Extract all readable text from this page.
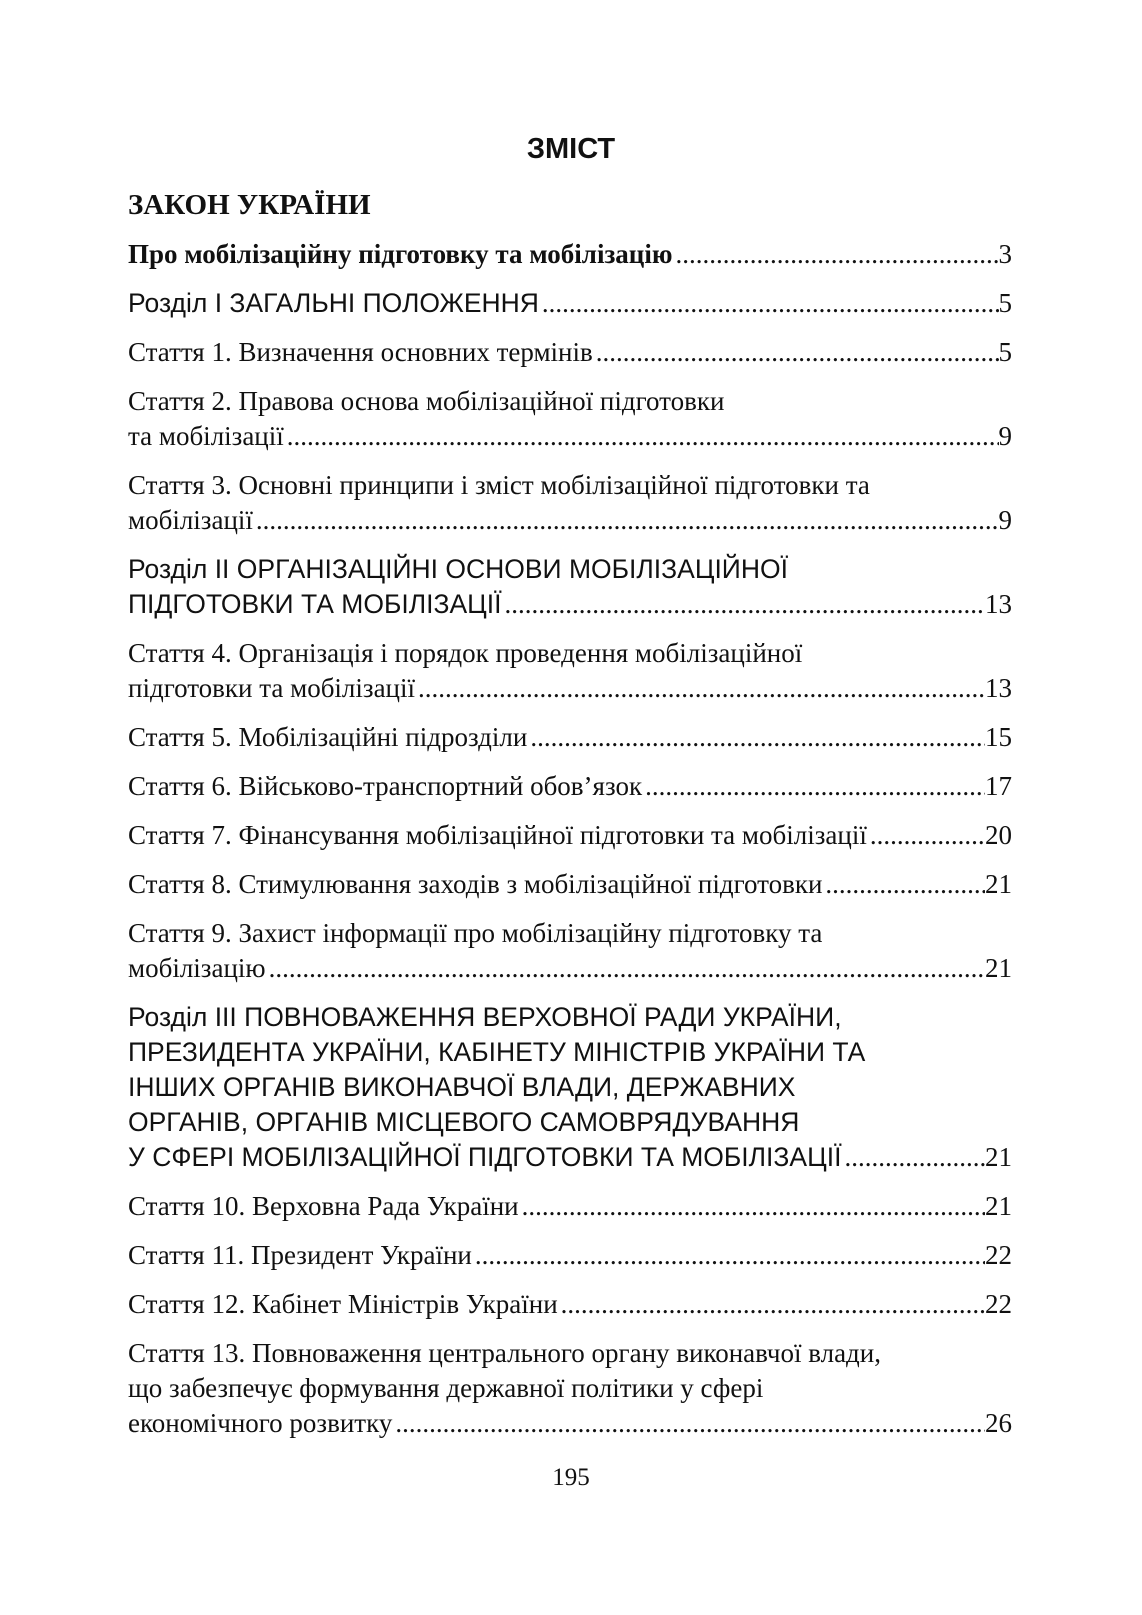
ЗМІСТ
ЗАКОН УКРАЇНИ
Про мобілізаційну підготовку та мобілізацію .....	3
Розділ I ЗАГАЛЬНІ ПОЛОЖЕННЯ .....	5
Стаття 1. Визначення основних термінів .....	5
Стаття 2. Правова основа мобілізаційної підготовки
та мобілізації .....	9
Стаття 3. Основні принципи і зміст мобілізаційної підготовки та
мобілізації .....	9
Розділ II ОРГАНІЗАЦІЙНІ ОСНОВИ МОБІЛІЗАЦІЙНОЇ
ПІДГОТОВКИ ТА МОБІЛІЗАЦІЇ .....	13
Стаття 4. Організація і порядок проведення мобілізаційної
підготовки та мобілізації .....	13
Стаття 5. Мобілізаційні підрозділи .....	15
Стаття 6. Військово-транспортний обов’язок .....	17
Стаття 7. Фінансування мобілізаційної підготовки та мобілізації .....	20
Стаття 8. Стимулювання заходів з мобілізаційної підготовки .....	21
Стаття 9. Захист інформації про мобілізаційну підготовку та
мобілізацію .....	21
Розділ III ПОВНОВАЖЕННЯ ВЕРХОВНОЇ РАДИ УКРАЇНИ,
ПРЕЗИДЕНТА УКРАЇНИ, КАБІНЕТУ МІНІСТРІВ УКРАЇНИ ТА
ІНШИХ ОРГАНІВ ВИКОНАВЧОЇ ВЛАДИ, ДЕРЖАВНИХ
ОРГАНІВ, ОРГАНІВ МІСЦЕВОГО САМОВРЯДУВАННЯ
У СФЕРІ МОБІЛІЗАЦІЙНОЇ ПІДГОТОВКИ ТА МОБІЛІЗАЦІЇ .....	21
Стаття 10. Верховна Рада України .....	21
Стаття 11. Президент України .....	22
Стаття 12. Кабінет Міністрів України .....	22
Стаття 13. Повноваження центрального органу виконавчої влади,
що забезпечує формування державної політики у сфері
економічного розвитку .....	26
195
